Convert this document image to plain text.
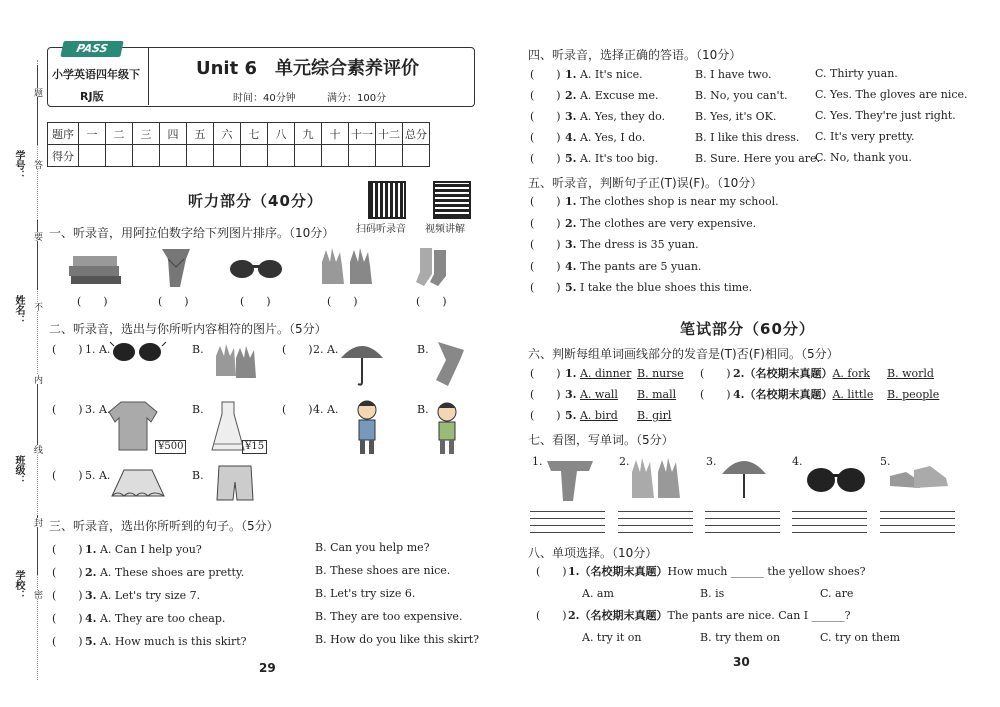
学校：
班级：
姓名：
学号：
密
封
线
内
不
要
答
题
PASS
小学英语四年级下
RJ版
Unit 6　单元综合素养评价
时间：40分钟	满分：100分
题序	一	二	三	四	五	六	七	八	九	十	十一	十二	总分
得分													
听力部分（40分）
扫码听录音 视频讲解
一、听录音，用阿拉伯数字给下列图片排序。（10分）
(　　)	(　　)	(　　)	(　　)	(　　)
二、听录音，选出与你所听内容相符的图片。（5分）
(　　) 1. A.	B.	(　　) 2. A.	B.
(　　) 3. A.
¥500
B.
¥15
(　　) 4. A.	B.
(　　) 5. A.	B.
三、听录音，选出你所听到的句子。（5分）
(　　) 1. A. Can I help you?	B. Can you help me?
(　　) 2. A. These shoes are pretty.	B. These shoes are nice.
(　　) 3. A. Let's try size 7.	B. Let's try size 6.
(　　) 4. A. They are too cheap.	B. They are too expensive.
(　　) 5. A. How much is this skirt?	B. How do you like this skirt?
29
四、听录音，选择正确的答语。（10分）
(　　) 1. A. It's nice.	B. I have two.	C. Thirty yuan.
(　　) 2. A. Excuse me.	B. No, you can't.	C. Yes. The gloves are nice.
(　　) 3. A. Yes, they do.	B. Yes, it's OK.	C. Yes. They're just right.
(　　) 4. A. Yes, I do.	B. I like this dress. C. It's very pretty.
(　　) 5. A. It's too big.	B. Sure. Here you are.
C. No, thank you.
五、听录音，判断句子正(T)误(F)。（10分）
(　　) 1. The clothes shop is near my school.
(　　) 2. The clothes are very expensive.
(　　) 3. The dress is 35 yuan.
(　　) 4. The pants are 5 yuan.
(　　) 5. I take the blue shoes this time.
笔试部分（60分）
六、判断每组单词画线部分的发音是(T)否(F)相同。（5分）
(　　) 1. A. dinner B. nurse (　　) 2.（名校期末真题）A. fork B. world
(　　) 3. A. wall B. mall (　　) 4.（名校期末真题）A. little B. people
(　　) 5. A. bird B. girl
七、看图，写单词。（5分）
1.	2.	3.	4.	5.
八、单项选择。（10分）
(　　) 1.（名校期末真题）How much ______ the yellow shoes?
A. am	B. is	C. are
(　　) 2.（名校期末真题）The pants are nice. Can I ______?
A. try it on	B. try them on	C. try on them
30
